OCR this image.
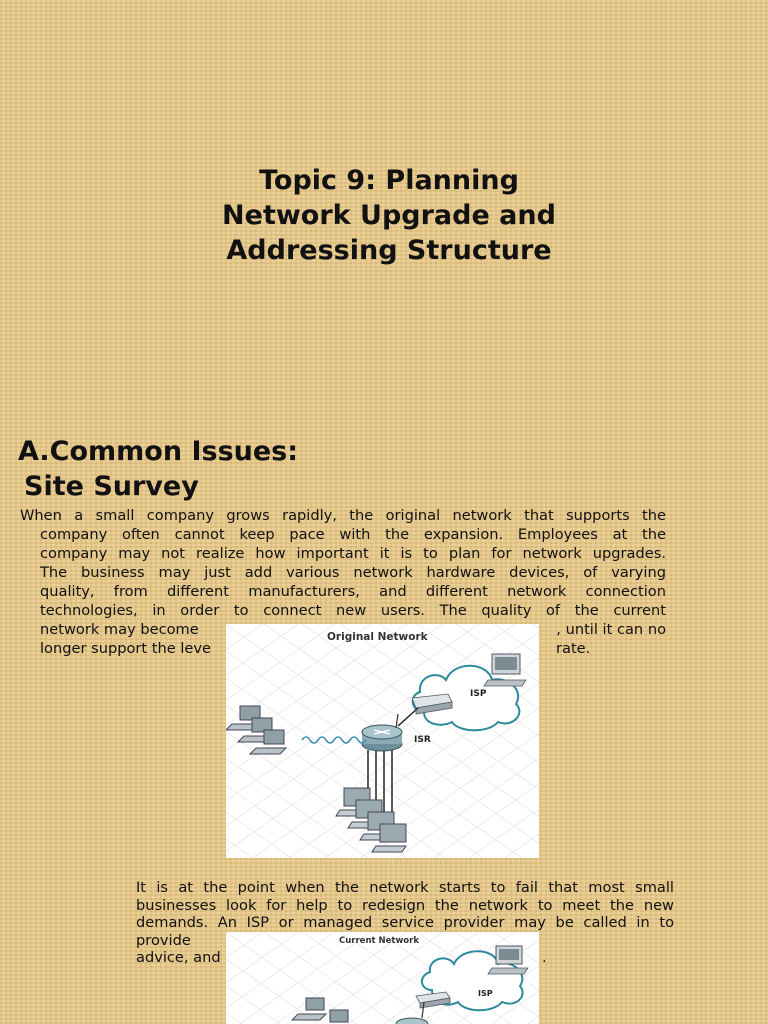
Topic 9: Planning
Network Upgrade and
Addressing Structure
A.Common Issues:
Site Survey
When a small company grows rapidly, the original network that supports the
company often cannot keep pace with the expansion. Employees at the
company may not realize how important it is to plan for network upgrades.
The business may just add various network hardware devices, of varying
quality, from different manufacturers, and different network connection
technologies, in order to connect new users. The quality of the current
network may become	, until it can no
longer support the leve	rate.
Original Network
ISP
ISR
It is at the point when the network starts to fail that most small
businesses look for help to redesign the network to meet the new
demands. An ISP or managed service provider may be called in to provide
advice, and	.
Current Network
ISP
